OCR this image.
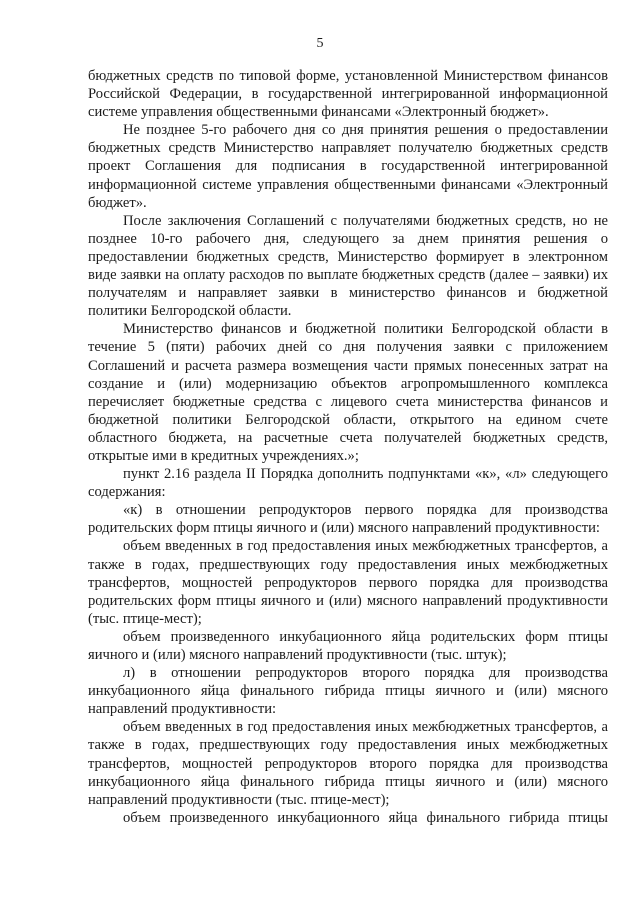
5

бюджетных средств по типовой форме, установленной Министерством финансов Российской Федерации, в государственной интегрированной информационной системе управления общественными финансами «Электронный бюджет».

Не позднее 5-го рабочего дня со дня принятия решения о предоставлении бюджетных средств Министерство направляет получателю бюджетных средств проект Соглашения для подписания в государственной интегрированной информационной системе управления общественными финансами «Электронный бюджет».

После заключения Соглашений с получателями бюджетных средств, но не позднее 10-го рабочего дня, следующего за днем принятия решения о предоставлении бюджетных средств, Министерство формирует в электронном виде заявки на оплату расходов по выплате бюджетных средств (далее – заявки) их получателям и направляет заявки в министерство финансов и бюджетной политики Белгородской области.

Министерство финансов и бюджетной политики Белгородской области в течение 5 (пяти) рабочих дней со дня получения заявки с приложением Соглашений и расчета размера возмещения части прямых понесенных затрат на создание и (или) модернизацию объектов агропромышленного комплекса перечисляет бюджетные средства с лицевого счета министерства финансов и бюджетной политики Белгородской области, открытого на едином счете областного бюджета, на расчетные счета получателей бюджетных средств, открытые ими в кредитных учреждениях.»;

пункт 2.16 раздела II Порядка дополнить подпунктами «к», «л» следующего содержания:

«к) в отношении репродукторов первого порядка для производства родительских форм птицы яичного и (или) мясного направлений продуктивности:

объем введенных в год предоставления иных межбюджетных трансфертов, а также в годах, предшествующих году предоставления иных межбюджетных трансфертов, мощностей репродукторов первого порядка для производства родительских форм птицы яичного и (или) мясного направлений продуктивности (тыс. птице-мест);

объем произведенного инкубационного яйца родительских форм птицы яичного и (или) мясного направлений продуктивности (тыс. штук);

л) в отношении репродукторов второго порядка для производства инкубационного яйца финального гибрида птицы яичного и (или) мясного направлений продуктивности:

объем введенных в год предоставления иных межбюджетных трансфертов, а также в годах, предшествующих году предоставления иных межбюджетных трансфертов, мощностей репродукторов второго порядка для производства инкубационного яйца финального гибрида птицы яичного и (или) мясного направлений продуктивности (тыс. птице-мест);

объем произведенного инкубационного яйца финального гибрида птицы
